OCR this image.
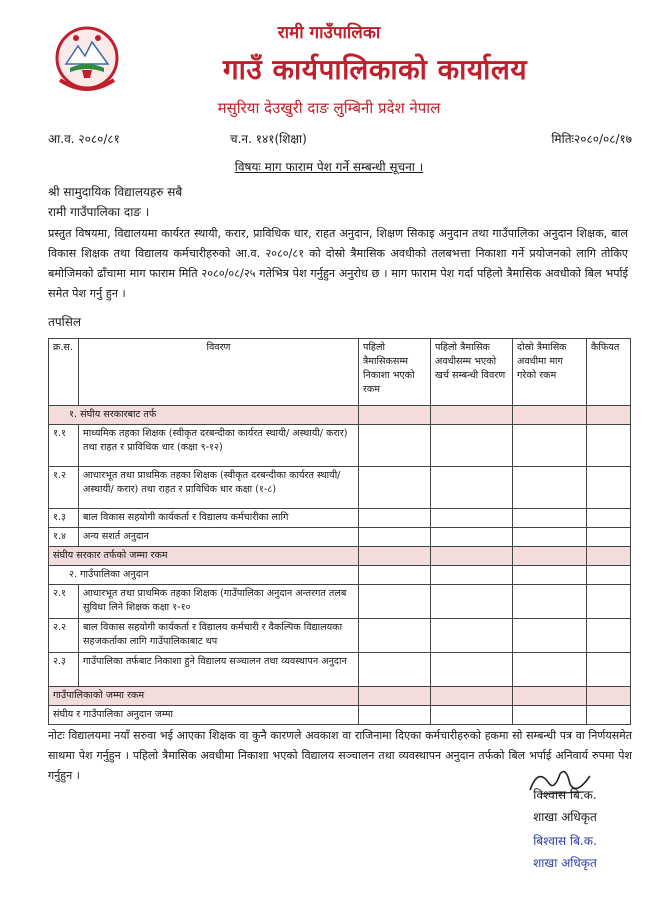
रामी गाउँपालिका
गाउँ कार्यपालिकाको कार्यालय
मसुरिया देउखुरी दाङ लुम्बिनी प्रदेश नेपाल
आ.व. २०८०/८१	च.न. १४१(शिक्षा)	मितिः२०८०/०८/१७
विषयः माग फाराम पेश गर्ने सम्बन्धी सूचना ।
श्री सामुदायिक विद्यालयहरु सबै
रामी गाउँपालिका दाङ ।
प्रस्तुत विषयमा, विद्यालयमा कार्यरत स्थायी, करार, प्राविधिक धार, राहत अनुदान, शिक्षण सिकाइ अनुदान तथा गाउँपालिका अनुदान शिक्षक, बाल विकास शिक्षक तथा विद्यालय कर्मचारीहरुको आ.व. २०८०/८१ को दोस्रो त्रैमासिक अवधीको तलबभत्ता निकाशा गर्ने प्रयोजनको लागि तोकिए बमोजिमको ढाँचामा माग फाराम मिति २०८०/०८/२५ गतेभित्र पेश गर्नुहुन अनुरोध छ । माग फाराम पेश गर्दा पहिलो त्रैमासिक अवधीको बिल भर्पाई समेत पेश गर्नु हुन ।
तपसिल
क्र.स.	विवरण	पहिलो त्रैमासिकसम्म निकाशा भएको रकम	पहिलो त्रैमासिक अवधीसम्म भएको खर्च सम्बन्धी विवरण	दोस्रो त्रैमासिक अवधीमा माग गरेको रकम	कैफियत
१. संघीय सरकारबाट तर्फ					
१.१	माध्यमिक तहका शिक्षक (स्वीकृत दरबन्दीका कार्यरत स्थायी/ अस्थायी/ करार) तथा राहत र प्राविधिक धार (कक्षा ९-१२)				
१.२	आधारभूत तथा प्राथमिक तहका शिक्षक (स्वीकृत दरबन्दीका कार्यरत स्थायी/ अस्थायी/ करार) तथा राहत र प्राविधिक धार कक्षा (१-८)				
१.३	बाल विकास सहयोगी कार्यकर्ता र विद्यालय कर्मचारीका लागि				
१.४	अन्य सशर्त अनुदान				
संघीय सरकार तर्फको जम्मा रकम					
२. गाउँपालिका अनुदान					
२.१	आधारभूत तथा प्राथमिक तहका शिक्षक (गाउँपालिका अनुदान अन्तरगत तलब सुविधा लिने शिक्षक कक्षा १-१०				
२.२	बाल विकास सहयोगी कार्यकर्ता र विद्यालय कर्मचारी र वैकल्पिक विद्यालयका सहजकर्ताका लागि गाउँपालिकाबाट थप				
२.३	गाउँपालिका तर्फबाट निकाशा हुने विद्यालय सञ्चालन तथा व्यवस्थापन अनुदान				
गाउँपालिकाको जम्मा रकम					
संघीय र गाउँपालिका अनुदान जम्मा					
नोटः विद्यालयमा नयाँ सरुवा भई आएका शिक्षक वा कुनै कारणले अवकाश वा राजिनामा दिएका कर्मचारीहरुको हकमा सो सम्बन्धी पत्र वा निर्णयसमेत साथमा पेश गर्नुहुन । पहिलो त्रैमासिक अवधीमा निकाशा भएको विद्यालय सञ्चालन तथा व्यवस्थापन अनुदान तर्फको बिल भर्पाई अनिवार्य रुपमा पेश गर्नुहुन ।
विश्वास बि.क.
शाखा अधिकृत
बिश्वास बि.क.
शाखा अधिकृत
